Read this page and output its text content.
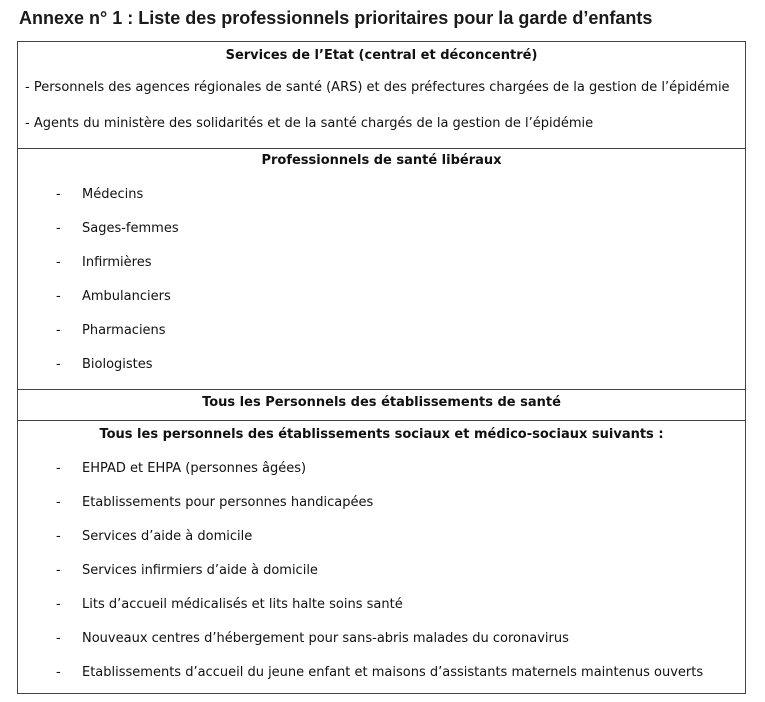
Annexe n° 1 : Liste des professionnels prioritaires pour la garde d’enfants
Services de l’Etat (central et déconcentré)
- Personnels des agences régionales de santé (ARS) et des préfectures chargées de la gestion de l’épidémie
- Agents du ministère des solidarités et de la santé chargés de la gestion de l’épidémie
Professionnels de santé libéraux
- Médecins
- Sages-femmes
- Infirmières
- Ambulanciers
- Pharmaciens
- Biologistes
Tous les Personnels des établissements de santé
Tous les personnels des établissements sociaux et médico-sociaux suivants :
- EHPAD et EHPA (personnes âgées)
- Etablissements pour personnes handicapées
- Services d’aide à domicile
- Services infirmiers d’aide à domicile
- Lits d’accueil médicalisés et lits halte soins santé
- Nouveaux centres d’hébergement pour sans-abris malades du coronavirus
- Etablissements d’accueil du jeune enfant et maisons d’assistants maternels maintenus ouverts
